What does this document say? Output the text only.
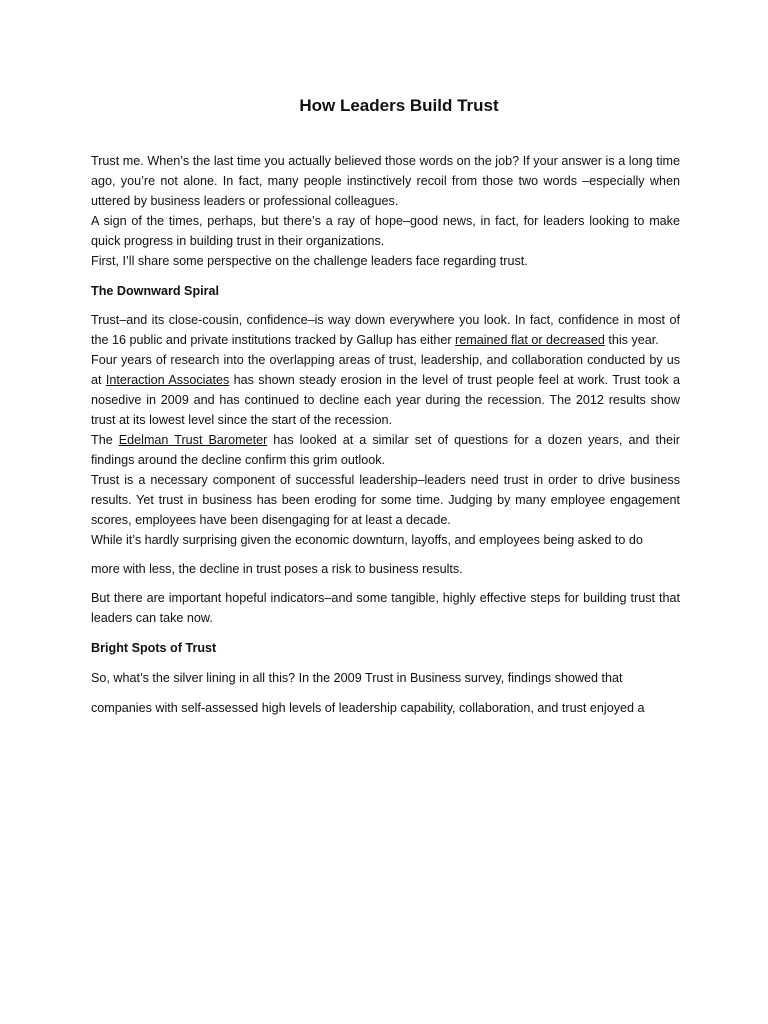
How Leaders Build Trust

Trust me. When’s the last time you actually believed those words on the job? If your answer is a long time ago, you’re not alone. In fact, many people instinctively recoil from those two words –especially when uttered by business leaders or professional colleagues.

A sign of the times, perhaps, but there’s a ray of hope–good news, in fact, for leaders looking to make quick progress in building trust in their organizations.

First, I’ll share some perspective on the challenge leaders face regarding trust.

The Downward Spiral

Trust–and its close-cousin, confidence–is way down everywhere you look. In fact, confidence in most of the 16 public and private institutions tracked by Gallup has either remained flat or decreased this year.

Four years of research into the overlapping areas of trust, leadership, and collaboration conducted by us at Interaction Associates has shown steady erosion in the level of trust people feel at work. Trust took a nosedive in 2009 and has continued to decline each year during the recession. The 2012 results show trust at its lowest level since the start of the recession.

The Edelman Trust Barometer has looked at a similar set of questions for a dozen years, and their findings around the decline confirm this grim outlook.

Trust is a necessary component of successful leadership–leaders need trust in order to drive business results. Yet trust in business has been eroding for some time. Judging by many employee engagement scores, employees have been disengaging for at least a decade.

While it’s hardly surprising given the economic downturn, layoffs, and employees being asked to do

more with less, the decline in trust poses a risk to business results.

But there are important hopeful indicators–and some tangible, highly effective steps for building trust that leaders can take now.

Bright Spots of Trust

So, what’s the silver lining in all this? In the 2009 Trust in Business survey, findings showed that

companies with self-assessed high levels of leadership capability, collaboration, and trust enjoyed a
